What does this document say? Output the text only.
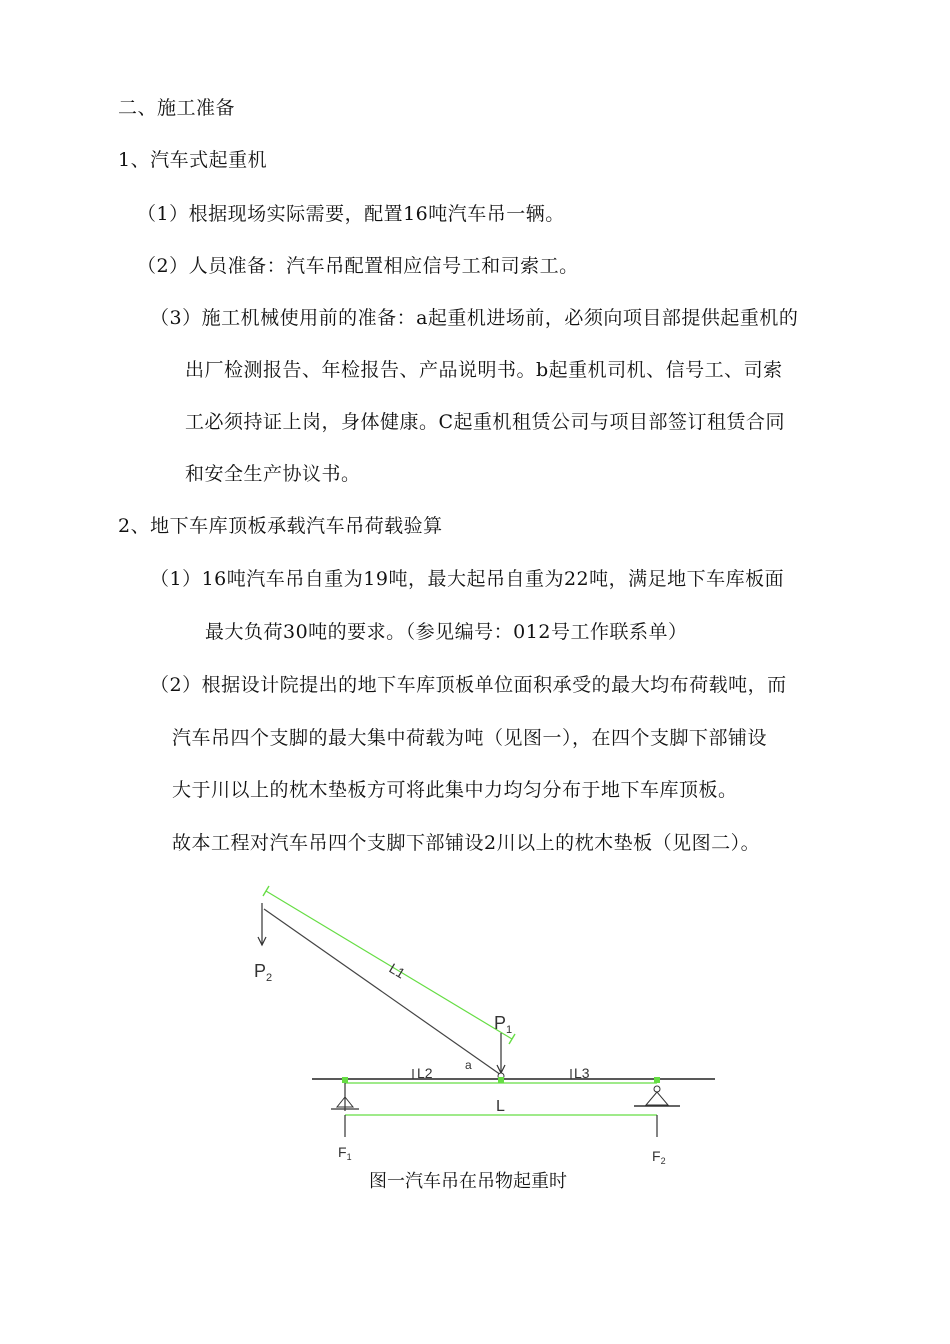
二、施工准备
1、汽车式起重机
（1）根据现场实际需要，配置16吨汽车吊一辆。
（2）人员准备：汽车吊配置相应信号工和司索工。
（3）施工机械使用前的准备：a起重机进场前，必须向项目部提供起重机的
出厂检测报告、年检报告、产品说明书。b起重机司机、信号工、司索
工必须持证上岗，身体健康。C起重机租赁公司与项目部签订租赁合同
和安全生产协议书。
2、地下车库顶板承载汽车吊荷载验算
（1）16吨汽车吊自重为19吨，最大起吊自重为22吨，满足地下车库板面
最大负荷30吨的要求。（参见编号：012号工作联系单）
（2）根据设计院提出的地下车库顶板单位面积承受的最大均布荷载吨，而
汽车吊四个支脚的最大集中荷载为吨（见图一），在四个支脚下部铺设
大于川以上的枕木垫板方可将此集中力均匀分布于地下车库顶板。
故本工程对汽车吊四个支脚下部铺设2川以上的枕木垫板（见图二）。
$P_2$
$P_1$
L1
L2	L3
a
L
$F_1$	$F_2$
图一汽车吊在吊物起重时
